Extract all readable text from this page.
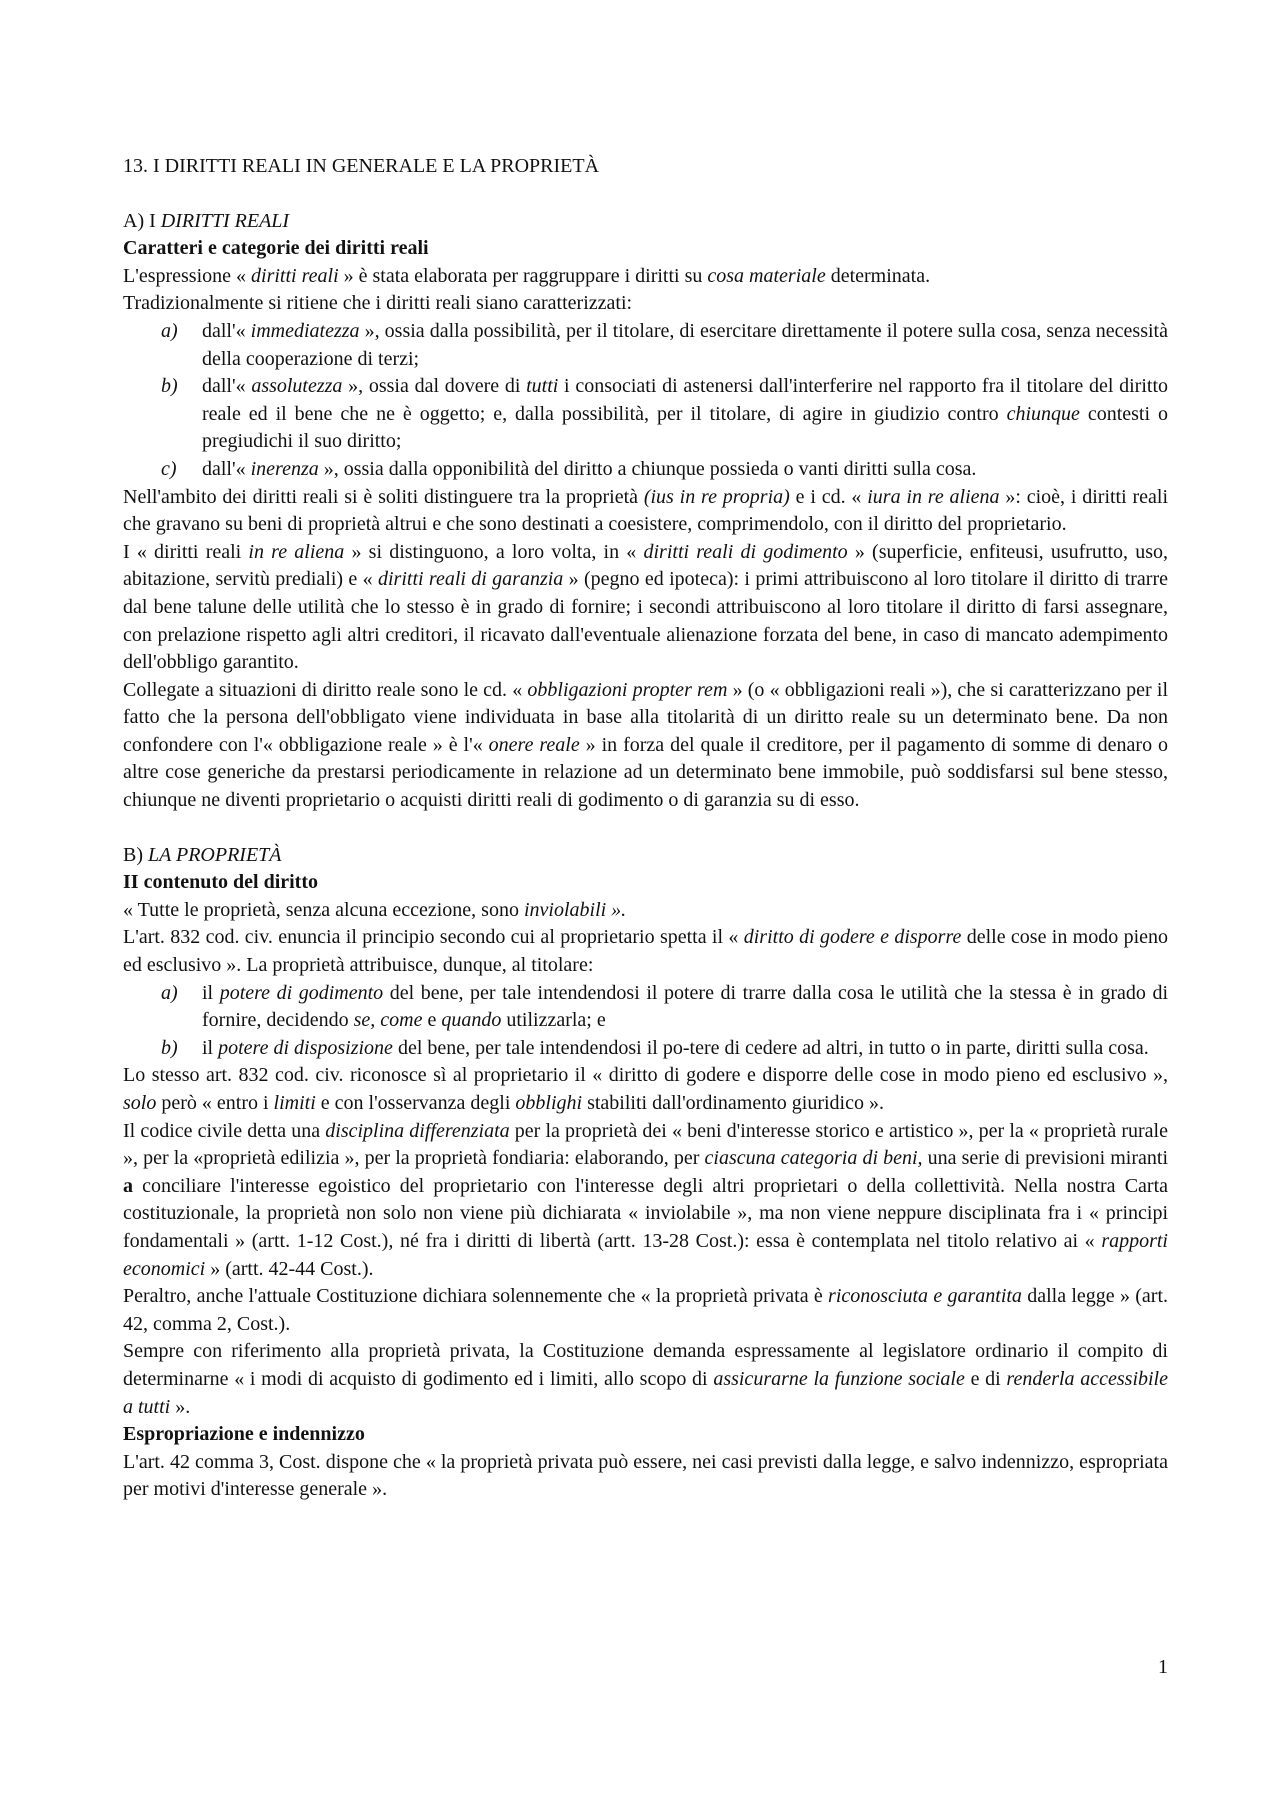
13. I DIRITTI REALI IN GENERALE E LA PROPRIETÀ

A) I DIRITTI REALI

Caratteri e categorie dei diritti reali

L'espressione « diritti reali » è stata elaborata per raggruppare i diritti su cosa materiale determinata.

Tradizionalmente si ritiene che i diritti reali siano caratterizzati:

a)	dall'« immediatezza », ossia dalla possibilità, per il titolare, di esercitare direttamente il potere sulla cosa, senza necessità della cooperazione di terzi;
b)	dall'« assolutezza », ossia dal dovere di tutti i consociati di astenersi dall'interferire nel rapporto fra il titolare del diritto reale ed il bene che ne è oggetto; e, dalla possibilità, per il titolare, di agire in giudizio contro chiunque contesti o pregiudichi il suo diritto;
c)	dall'« inerenza », ossia dalla opponibilità del diritto a chiunque possieda o vanti diritti sulla cosa.

Nell'ambito dei diritti reali si è soliti distinguere tra la proprietà (ius in re propria) e i cd. « iura in re aliena »: cioè, i diritti reali che gravano su beni di proprietà altrui e che sono destinati a coesistere, comprimendolo, con il diritto del proprietario.

I « diritti reali in re aliena » si distinguono, a loro volta, in « diritti reali di godimento » (superficie, enfiteusi, usufrutto, uso, abitazione, servitù prediali) e « diritti reali di garanzia » (pegno ed ipoteca): i primi attribuiscono al loro titolare il diritto di trarre dal bene talune delle utilità che lo stesso è in grado di fornire; i secondi attribuiscono al loro titolare il diritto di farsi assegnare, con prelazione rispetto agli altri creditori, il ricavato dall'eventuale alienazione forzata del bene, in caso di mancato adempimento dell'obbligo garantito.

Collegate a situazioni di diritto reale sono le cd. « obbligazioni propter rem » (o « obbligazioni reali »), che si caratterizzano per il fatto che la persona dell'obbligato viene individuata in base alla titolarità di un diritto reale su un determinato bene. Da non confondere con l'« obbligazione reale » è l'« onere reale » in forza del quale il creditore, per il pagamento di somme di denaro o altre cose generiche da prestarsi periodicamente in relazione ad un determinato bene immobile, può soddisfarsi sul bene stesso, chiunque ne diventi proprietario o acquisti diritti reali di godimento o di garanzia su di esso.

B) LA PROPRIETÀ

II contenuto del diritto

« Tutte le proprietà, senza alcuna eccezione, sono inviolabili ».

L'art. 832 cod. civ. enuncia il principio secondo cui al proprietario spetta il « diritto di godere e disporre delle cose in modo pieno ed esclusivo ». La proprietà attribuisce, dunque, al titolare:

a)	il potere di godimento del bene, per tale intendendosi il potere di trarre dalla cosa le utilità che la stessa è in grado di fornire, decidendo se, come e quando utilizzarla; e
b)	il potere di disposizione del bene, per tale intendendosi il po-tere di cedere ad altri, in tutto o in parte, diritti sulla cosa.

Lo stesso art. 832 cod. civ. riconosce sì al proprietario il « diritto di godere e disporre delle cose in modo pieno ed esclusivo », solo però « entro i limiti e con l'osservanza degli obblighi stabiliti dall'ordinamento giuridico ».

Il codice civile detta una disciplina differenziata per la proprietà dei « beni d'interesse storico e artistico », per la « proprietà rurale », per la «proprietà edilizia », per la proprietà fondiaria: elaborando, per ciascuna categoria di beni, una serie di previsioni miranti a conciliare l'interesse egoistico del proprietario con l'interesse degli altri proprietari o della collettività. Nella nostra Carta costituzionale, la proprietà non solo non viene più dichiarata « inviolabile », ma non viene neppure disciplinata fra i « principi fondamentali » (artt. 1-12 Cost.), né fra i diritti di libertà (artt. 13-28 Cost.): essa è contemplata nel titolo relativo ai « rapporti economici » (artt. 42-44 Cost.).

Peraltro, anche l'attuale Costituzione dichiara solennemente che « la proprietà privata è riconosciuta e garantita dalla legge » (art. 42, comma 2, Cost.).

Sempre con riferimento alla proprietà privata, la Costituzione demanda espressamente al legislatore ordinario il compito di determinarne « i modi di acquisto di godimento ed i limiti, allo scopo di assicurarne la funzione sociale e di renderla accessibile a tutti ».

Espropriazione e indennizzo

L'art. 42 comma 3, Cost. dispone che « la proprietà privata può essere, nei casi previsti dalla legge, e salvo indennizzo, espropriata per motivi d'interesse generale ».

1
